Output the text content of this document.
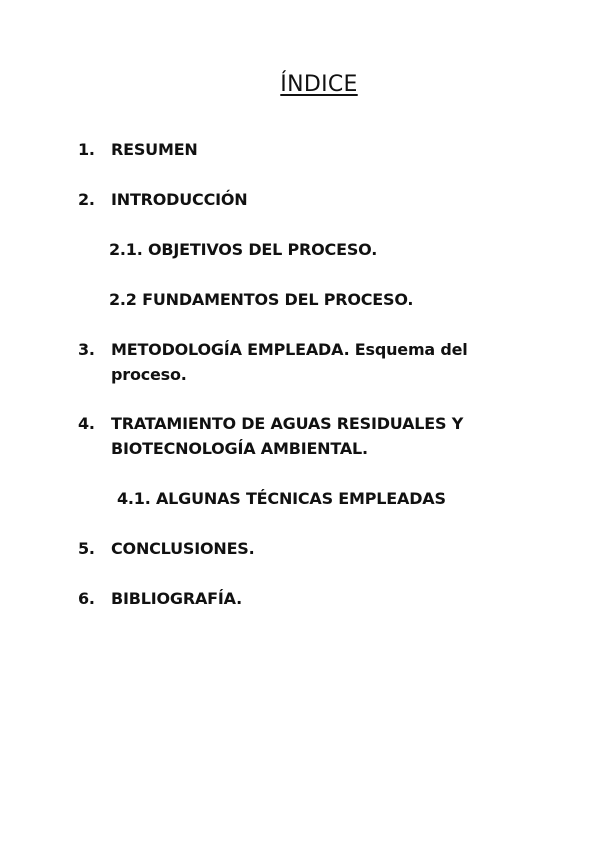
ÍNDICE
1.	RESUMEN
2.	INTRODUCCIÓN
2.1. OBJETIVOS DEL PROCESO.
2.2 FUNDAMENTOS DEL PROCESO.
3.	METODOLOGÍA EMPLEADA. Esquema del proceso.
4.	TRATAMIENTO DE AGUAS RESIDUALES Y BIOTECNOLOGÍA AMBIENTAL.
4.1. ALGUNAS TÉCNICAS EMPLEADAS
5.	CONCLUSIONES.
6.	BIBLIOGRAFÍA.
